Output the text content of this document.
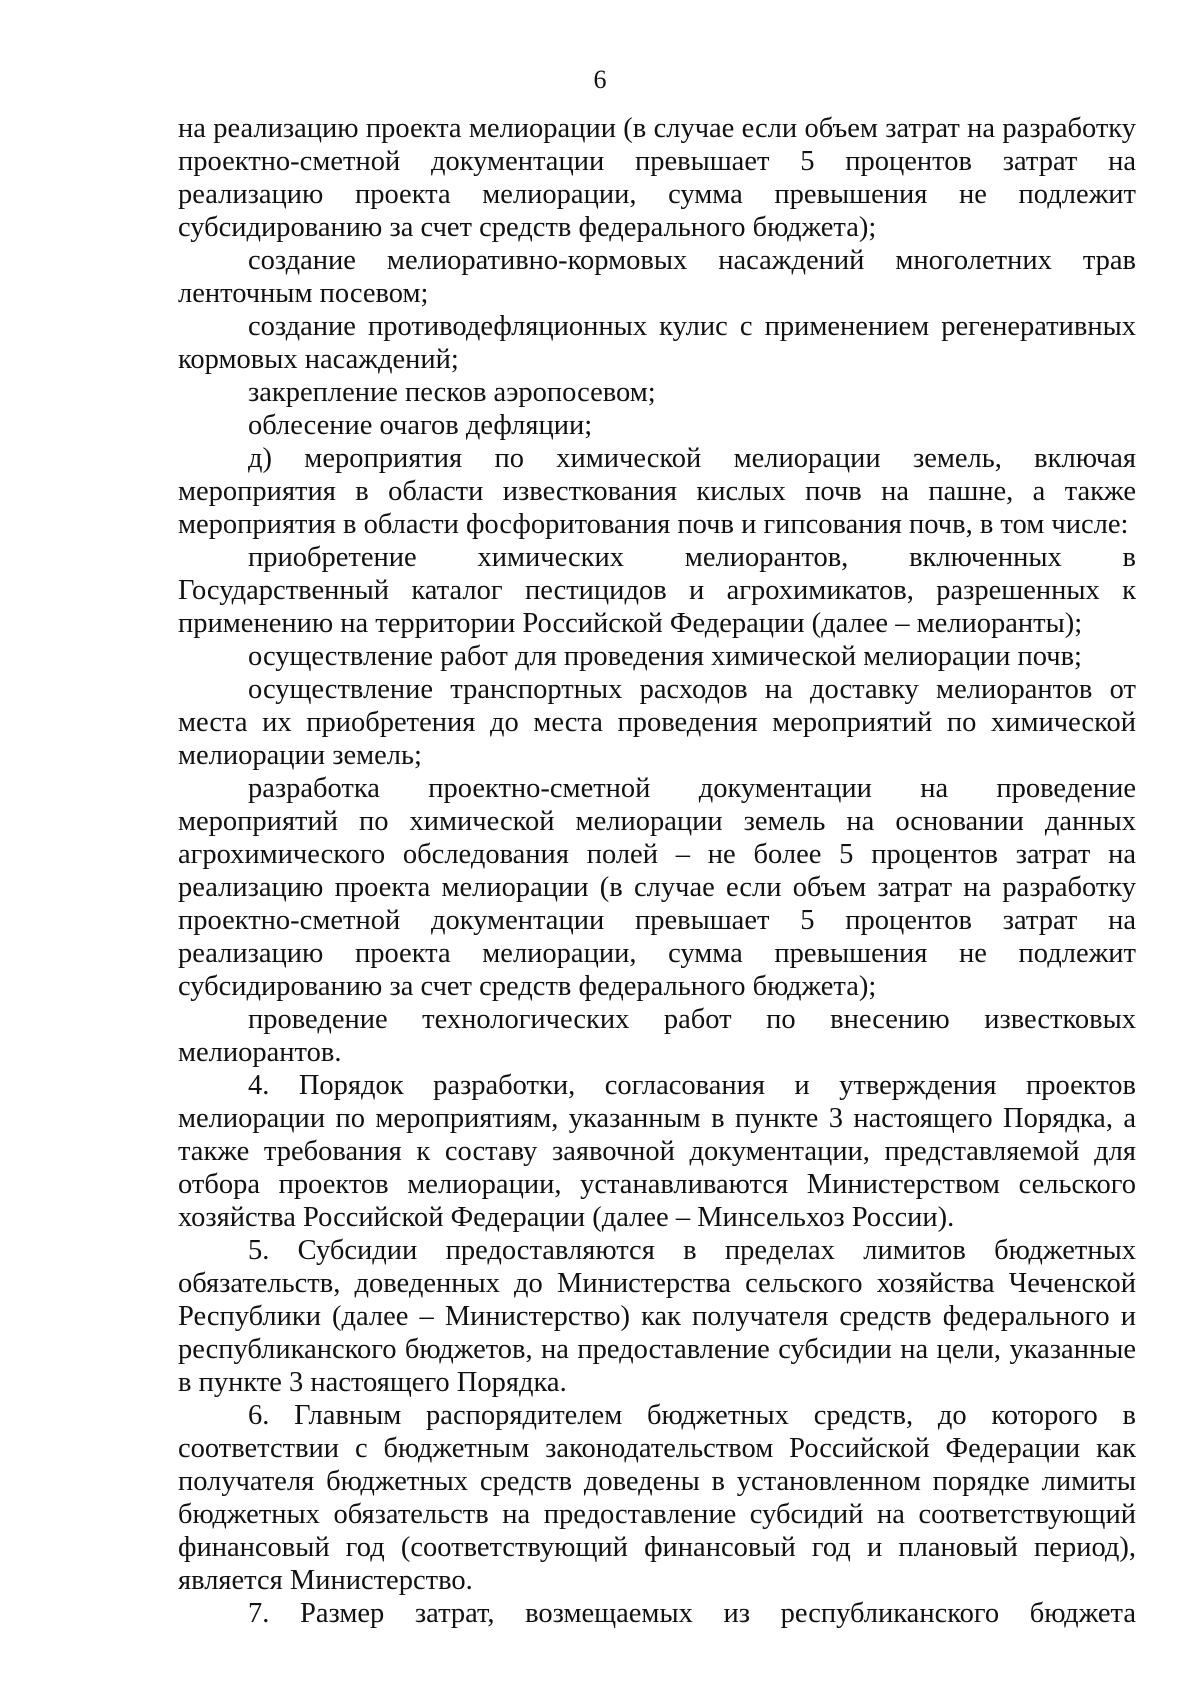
6

на реализацию проекта мелиорации (в случае если объем затрат на разработку проектно-сметной документации превышает 5 процентов затрат на реализацию проекта мелиорации, сумма превышения не подлежит субсидированию за счет средств федерального бюджета);

создание мелиоративно-кормовых насаждений многолетних трав ленточным посевом;

создание противодефляционных кулис с применением регенеративных кормовых насаждений;

закрепление песков аэропосевом;

облесение очагов дефляции;

д) мероприятия по химической мелиорации земель, включая мероприятия в области известкования кислых почв на пашне, а также мероприятия в области фосфоритования почв и гипсования почв, в том числе:

приобретение химических мелиорантов, включенных в Государственный каталог пестицидов и агрохимикатов, разрешенных к применению на территории Российской Федерации (далее – мелиоранты);

осуществление работ для проведения химической мелиорации почв;

осуществление транспортных расходов на доставку мелиорантов от места их приобретения до места проведения мероприятий по химической мелиорации земель;

разработка проектно-сметной документации на проведение мероприятий по химической мелиорации земель на основании данных агрохимического обследования полей – не более 5 процентов затрат на реализацию проекта мелиорации (в случае если объем затрат на разработку проектно-сметной документации превышает 5 процентов затрат на реализацию проекта мелиорации, сумма превышения не подлежит субсидированию за счет средств федерального бюджета);

проведение технологических работ по внесению известковых мелиорантов.

4. Порядок разработки, согласования и утверждения проектов мелиорации по мероприятиям, указанным в пункте 3 настоящего Порядка, а также требования к составу заявочной документации, представляемой для отбора проектов мелиорации, устанавливаются Министерством сельского хозяйства Российской Федерации (далее – Минсельхоз России).

5. Субсидии предоставляются в пределах лимитов бюджетных обязательств, доведенных до Министерства сельского хозяйства Чеченской Республики (далее – Министерство) как получателя средств федерального и республиканского бюджетов, на предоставление субсидии на цели, указанные в пункте 3 настоящего Порядка.

6. Главным распорядителем бюджетных средств, до которого в соответствии с бюджетным законодательством Российской Федерации как получателя бюджетных средств доведены в установленном порядке лимиты бюджетных обязательств на предоставление субсидий на соответствующий финансовый год (соответствующий финансовый год и плановый период), является Министерство.

7. Размер затрат, возмещаемых из республиканского бюджета
